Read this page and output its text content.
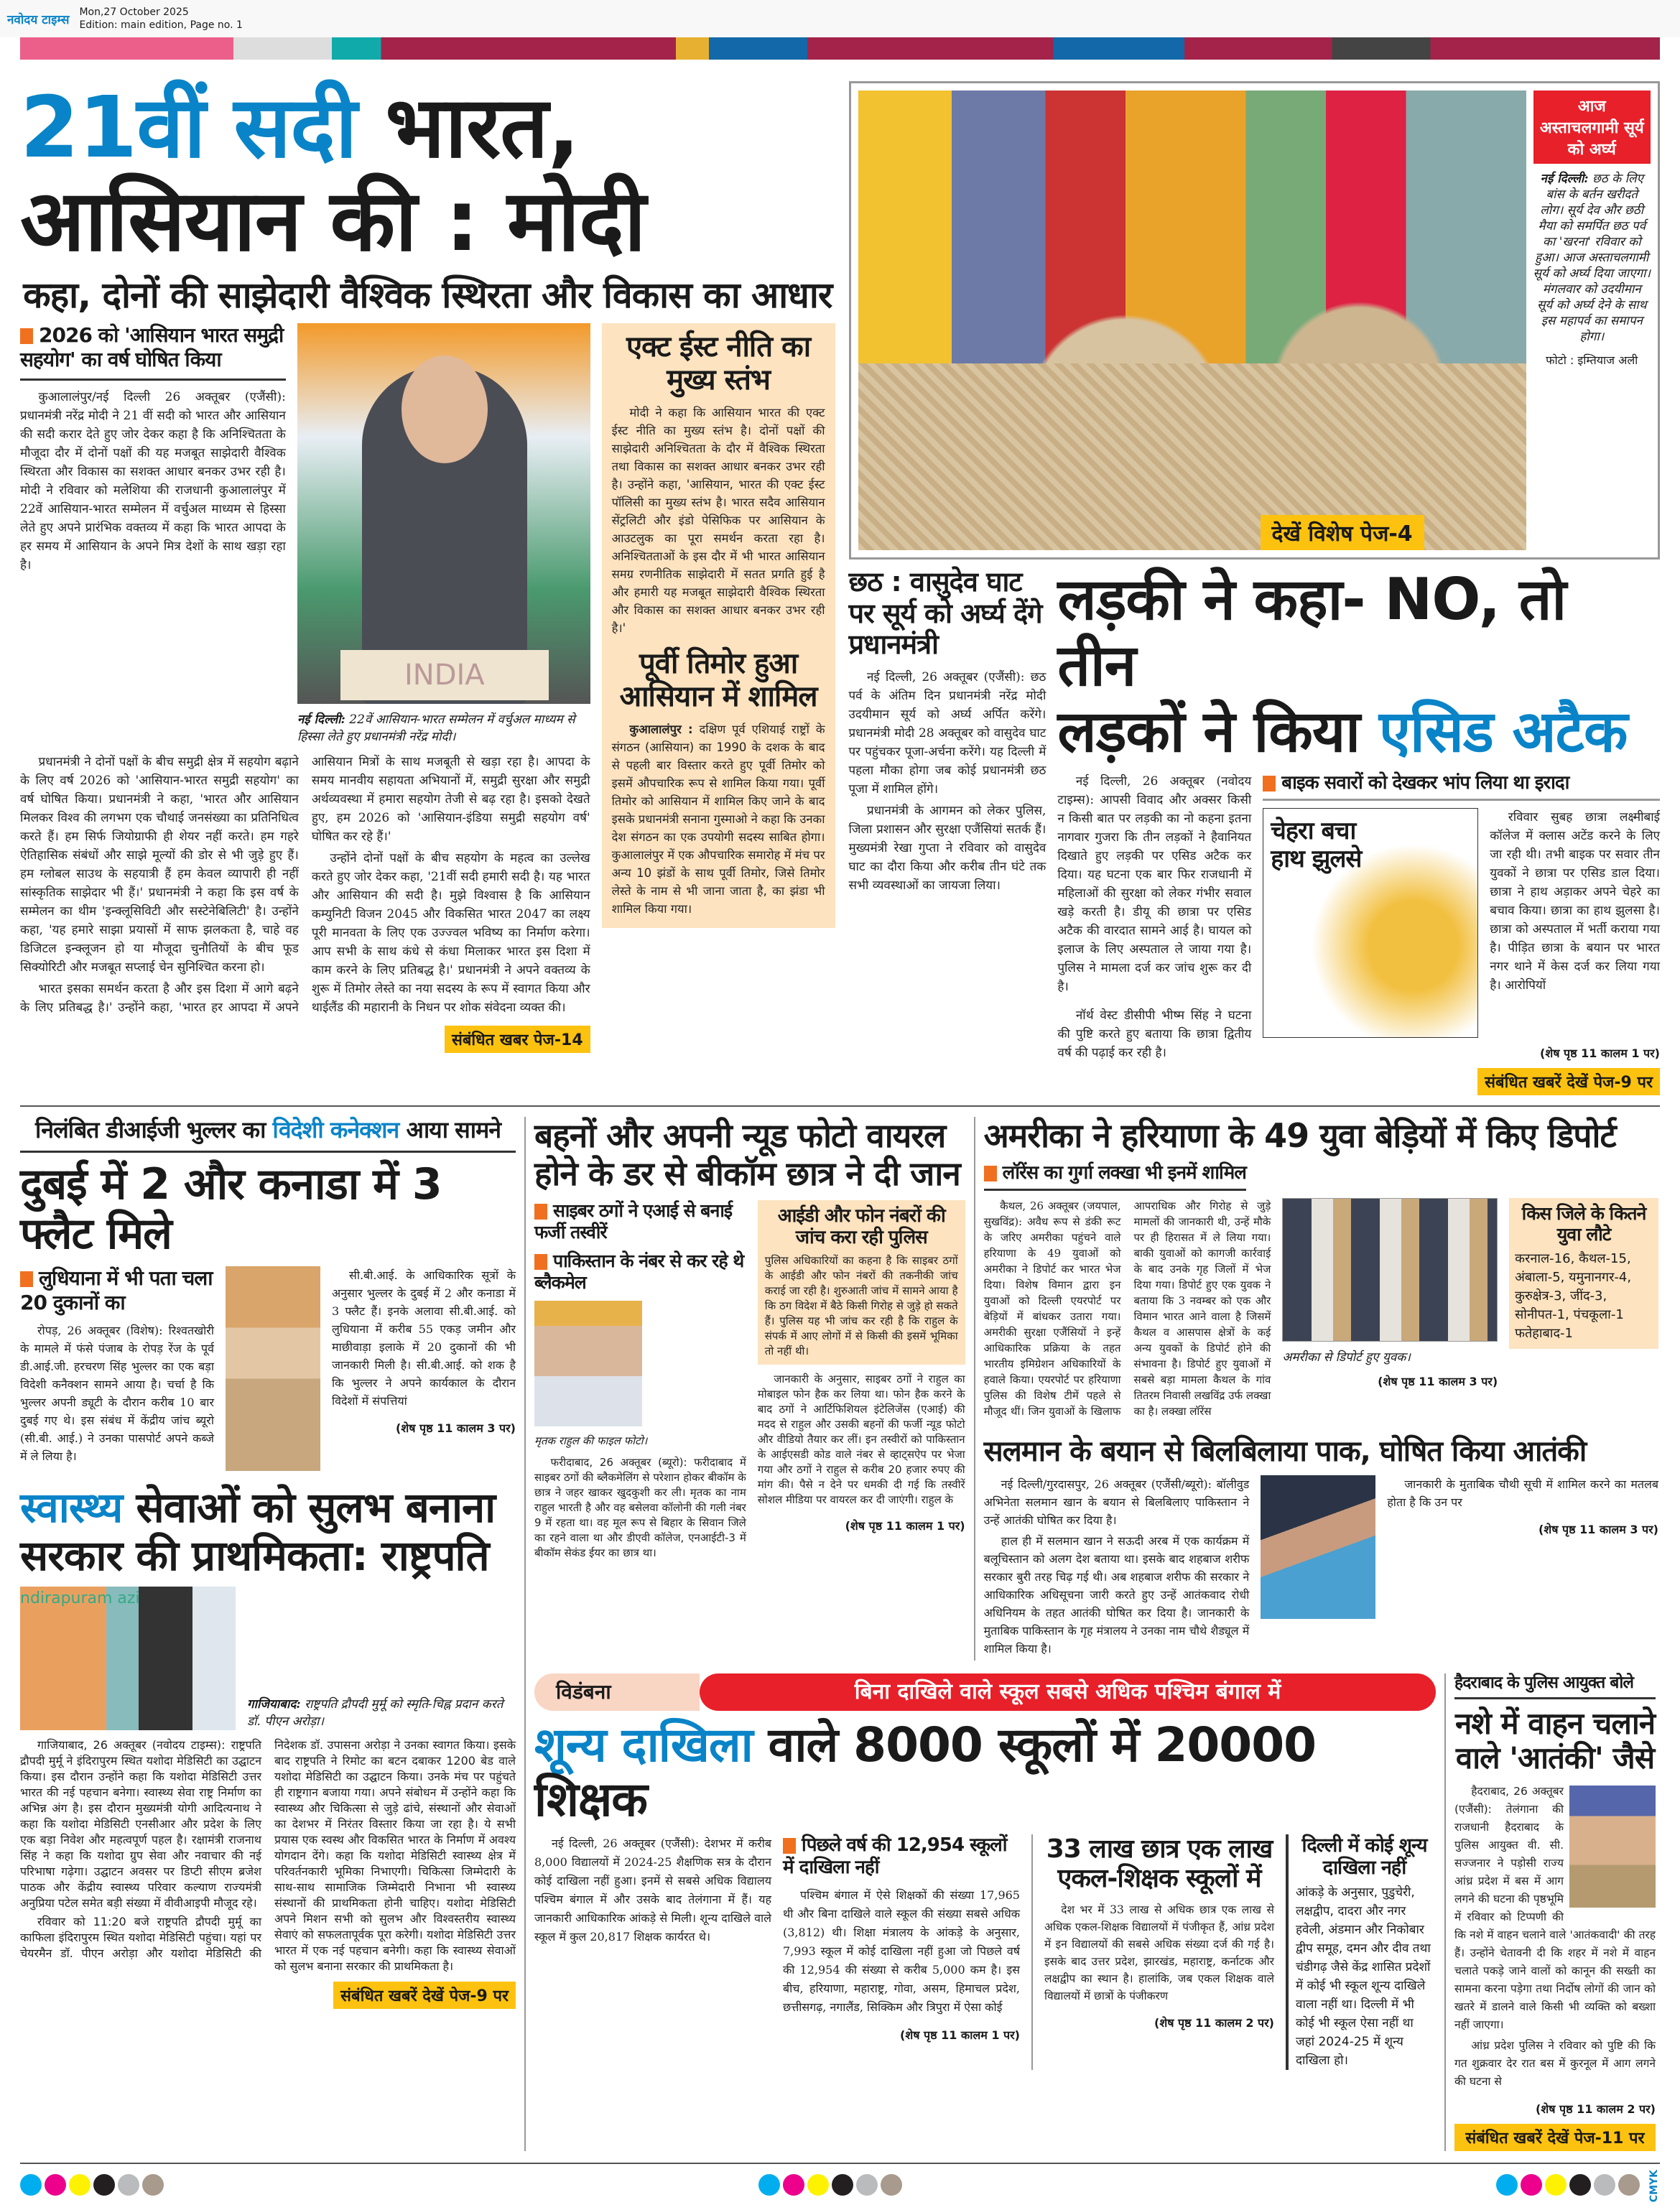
नवोदय टाइम्स
Mon,27 October 2025
Edition: main edition, Page no. 1
21वीं सदी भारत, आसियान की : मोदी
कहा, दोनों की साझेदारी वैश्विक स्थिरता और विकास का आधार
2026 को 'आसियान भारत समुद्री सहयोग' का वर्ष घोषित किया

कुआलालंपुर/नई दिल्ली 26 अक्तूबर (एजैंसी): प्रधानमंत्री नरेंद्र मोदी ने 21 वीं सदी को भारत और आसियान की सदी करार देते हुए जोर देकर कहा है कि अनिश्चितता के मौजूदा दौर में दोनों पक्षों की यह मजबूत साझेदारी वैश्विक स्थिरता और विकास का सशक्त आधार बनकर उभर रही है। मोदी ने रविवार को मलेशिया की राजधानी कुआलालंपुर में 22वें आसियान-भारत सम्मेलन में वर्चुअल माध्यम से हिस्सा लेते हुए अपने प्रारंभिक वक्तव्य में कहा कि भारत आपदा के हर समय में आसियान के अपने मित्र देशों के साथ खड़ा रहा है।

INDIA
नई दिल्ली: 22वें आसियान-भारत सम्मेलन में वर्चुअल माध्यम से हिस्सा लेते हुए प्रधानमंत्री नरेंद्र मोदी।

प्रधानमंत्री ने दोनों पक्षों के बीच समुद्री क्षेत्र में सहयोग बढ़ाने के लिए वर्ष 2026 को 'आसियान-भारत समुद्री सहयोग' का वर्ष घोषित किया। प्रधानमंत्री ने कहा, 'भारत और आसियान मिलकर विश्व की लगभग एक चौथाई जनसंख्या का प्रतिनिधित्व करते हैं। हम सिर्फ जियोग्राफी ही शेयर नहीं करते। हम गहरे ऐतिहासिक संबंधों और साझे मूल्यों की डोर से भी जुड़े हुए हैं। हम ग्लोबल साउथ के सहयात्री हैं हम केवल व्यापारी ही नहीं सांस्कृतिक साझेदार भी हैं।' प्रधानमंत्री ने कहा कि इस वर्ष के सम्मेलन का थीम 'इन्क्लूसिविटी और सस्टेनेबिलिटी' है। उन्होंने कहा, 'यह हमारे साझा प्रयासों में साफ झलकता है, चाहे वह डिजिटल इन्क्लूजन हो या मौजूदा चुनौतियों के बीच फूड सिक्योरिटी और मजबूत सप्लाई चेन सुनिश्चित करना हो।

भारत इसका समर्थन करता है और इस दिशा में आगे बढ़ने के लिए प्रतिबद्ध है।' उन्होंने कहा, 'भारत हर आपदा में अपने आसियान मित्रों के साथ मजबूती से खड़ा रहा है। आपदा के समय मानवीय सहायता अभियानों में, समुद्री सुरक्षा और समुद्री अर्थव्यवस्था में हमारा सहयोग तेजी से बढ़ रहा है। इसको देखते हुए, हम 2026 को 'आसियान-इंडिया समुद्री सहयोग वर्ष' घोषित कर रहे हैं।'

उन्होंने दोनों पक्षों के बीच सहयोग के महत्व का उल्लेख करते हुए जोर देकर कहा, '21वीं सदी हमारी सदी है। यह भारत और आसियान की सदी है। मुझे विश्वास है कि आसियान कम्युनिटी विजन 2045 और विकसित भारत 2047 का लक्ष्य पूरी मानवता के लिए एक उज्ज्वल भविष्य का निर्माण करेगा। आप सभी के साथ कंधे से कंधा मिलाकर भारत इस दिशा में काम करने के लिए प्रतिबद्ध है।' प्रधानमंत्री ने अपने वक्तव्य के शुरू में तिमोर लेस्ते का नया सदस्य के रूप में स्वागत किया और थाईलैंड की महारानी के निधन पर शोक संवेदना व्यक्त की।

संबंधित खबर पेज-14
एक्ट ईस्ट नीति का मुख्य स्तंभ

मोदी ने कहा कि आसियान भारत की एक्ट ईस्ट नीति का मुख्य स्तंभ है। दोनों पक्षों की साझेदारी अनिश्चितता के दौर में वैश्विक स्थिरता तथा विकास का सशक्त आधार बनकर उभर रही है। उन्होंने कहा, 'आसियान, भारत की एक्ट ईस्ट पॉलिसी का मुख्य स्तंभ है। भारत सदैव आसियान सेंट्रलिटी और इंडो पेसिफिक पर आसियान के आउटलुक का पूरा समर्थन करता रहा है। अनिश्चितताओं के इस दौर में भी भारत आसियान समग्र रणनीतिक साझेदारी में सतत प्रगति हुई है और हमारी यह मजबूत साझेदारी वैश्विक स्थिरता और विकास का सशक्त आधार बनकर उभर रही है।'

पूर्वी तिमोर हुआ आसियान में शामिल

कुआलालंपुर : दक्षिण पूर्व एशियाई राष्ट्रों के संगठन (आसियान) का 1990 के दशक के बाद से पहली बार विस्तार करते हुए पूर्वी तिमोर को इसमें औपचारिक रूप से शामिल किया गया। पूर्वी तिमोर को आसियान में शामिल किए जाने के बाद इसके प्रधानमंत्री सनाना गुस्माओ ने कहा कि उनका देश संगठन का एक उपयोगी सदस्य साबित होगा। कुआलालंपुर में एक औपचारिक समारोह में मंच पर अन्य 10 झंडों के साथ पूर्वी तिमोर, जिसे तिमोर लेस्ते के नाम से भी जाना जाता है, का झंडा भी शामिल किया गया।

देखें विशेष पेज-4
आज अस्ताचलगामी सूर्य को अर्घ्य
नई दिल्ली: छठ के लिए बांस के बर्तन खरीदते लोग। सूर्य देव और छठी मैया को समर्पित छठ पर्व का 'खरना' रविवार को हुआ। आज अस्ताचलगामी सूर्य को अर्घ्य दिया जाएगा। मंगलवार को उदयीमान सूर्य को अर्घ्य देने के साथ इस महापर्व का समापन होगा।
फोटो : इम्तियाज अली
छठ : वासुदेव घाट पर सूर्य को अर्घ्य देंगे प्रधानमंत्री

नई दिल्ली, 26 अक्तूबर (एजैंसी): छठ पर्व के अंतिम दिन प्रधानमंत्री नरेंद्र मोदी उदयीमान सूर्य को अर्घ्य अर्पित करेंगे। प्रधानमंत्री मोदी 28 अक्तूबर को वासुदेव घाट पर पहुंचकर पूजा-अर्चना करेंगे। यह दिल्ली में पहला मौका होगा जब कोई प्रधानमंत्री छठ पूजा में शामिल होंगे।

प्रधानमंत्री के आगमन को लेकर पुलिस, जिला प्रशासन और सुरक्षा एजैंसियां सतर्क हैं। मुख्यमंत्री रेखा गुप्ता ने रविवार को वासुदेव घाट का दौरा किया और करीब तीन घंटे तक सभी व्यवस्थाओं का जायजा लिया।

लड़की ने कहा- NO, तो तीन
लड़कों ने किया एसिड अटैक

नई दिल्ली, 26 अक्तूबर (नवोदय टाइम्स): आपसी विवाद और अक्सर किसी न किसी बात पर लड़की का नो कहना इतना नागवार गुजरा कि तीन लड़कों ने हैवानियत दिखाते हुए लड़की पर एसिड अटैक कर दिया। यह घटना एक बार फिर राजधानी में महिलाओं की सुरक्षा को लेकर गंभीर सवाल खड़े करती है। डीयू की छात्रा पर एसिड अटैक की वारदात सामने आई है। घायल को इलाज के लिए अस्पताल ले जाया गया है। पुलिस ने मामला दर्ज कर जांच शुरू कर दी है।

नॉर्थ वेस्ट डीसीपी भीष्म सिंह ने घटना की पुष्टि करते हुए बताया कि छात्रा द्वितीय वर्ष की पढ़ाई कर रही है।

बाइक सवारों को देखकर भांप लिया था इरादा
चेहरा बचा हाथ झुलसे

रविवार सुबह छात्रा लक्ष्मीबाई कॉलेज में क्लास अटेंड करने के लिए जा रही थी। तभी बाइक पर सवार तीन युवकों ने छात्रा पर एसिड डाल दिया। छात्रा ने हाथ अड़ाकर अपने चेहरे का बचाव किया। छात्रा का हाथ झुलसा है। छात्रा को अस्पताल में भर्ती कराया गया है। पीड़ित छात्रा के बयान पर भारत नगर थाने में केस दर्ज कर लिया गया है। आरोपियों

(शेष पृष्ठ 11 कालम 1 पर)
संबंधित खबरें देखें पेज-9 पर
निलंबित डीआईजी भुल्लर का विदेशी कनेक्शन आया सामने
दुबई में 2 और कनाडा में 3 फ्लैट मिले
लुधियाना में भी पता चला 20 दुकानों का

रोपड़, 26 अक्तूबर (विशेष): रिश्वतखोरी के मामले में फंसे पंजाब के रोपड़ रेंज के पूर्व डी.आई.जी. हरचरण सिंह भुल्लर का एक बड़ा विदेशी कनैक्शन सामने आया है। चर्चा है कि भुल्लर अपनी ड्यूटी के दौरान करीब 10 बार दुबई गए थे। इस संबंध में केंद्रीय जांच ब्यूरो (सी.बी. आई.) ने उनका पासपोर्ट अपने कब्जे में ले लिया है।

सी.बी.आई. के आधिकारिक सूत्रों के अनुसार भुल्लर के दुबई में 2 और कनाडा में 3 फ्लैट हैं। इनके अलावा सी.बी.आई. को लुधियाना में करीब 55 एकड़ जमीन और माछीवाड़ा इलाके में 20 दुकानों की भी जानकारी मिली है। सी.बी.आई. को शक है कि भुल्लर ने अपने कार्यकाल के दौरान विदेशों में संपत्तियां

(शेष पृष्ठ 11 कालम 3 पर)
स्वास्थ्य सेवाओं को सुलभ बनाना सरकार की प्राथमिकता: राष्ट्रपति
ndirapuram azi
गाजियाबाद: राष्ट्रपति द्रौपदी मुर्मू को स्मृति-चिह्न प्रदान करते डॉ. पीएन अरोड़ा।

गाजियाबाद, 26 अक्तूबर (नवोदय टाइम्स): राष्ट्रपति द्रौपदी मुर्मू ने इंदिरापुरम स्थित यशोदा मेडिसिटी का उद्घाटन किया। इस दौरान उन्होंने कहा कि यशोदा मेडिसिटी उत्तर भारत की नई पहचान बनेगा। स्वास्थ्य सेवा राष्ट्र निर्माण का अभिन्न अंग है। इस दौरान मुख्यमंत्री योगी आदित्यनाथ ने कहा कि यशोदा मेडिसिटी एनसीआर और प्रदेश के लिए एक बड़ा निवेश और महत्वपूर्ण पहल है। रक्षामंत्री राजनाथ सिंह ने कहा कि यशोदा ग्रुप सेवा और नवाचार की नई परिभाषा गढ़ेगा। उद्घाटन अवसर पर डिप्टी सीएम ब्रजेश पाठक और केंद्रीय स्वास्थ्य परिवार कल्याण राज्यमंत्री अनुप्रिया पटेल समेत बड़ी संख्या में वीवीआइपी मौजूद रहे।

रविवार को 11:20 बजे राष्ट्रपति द्रौपदी मुर्मू का काफिला इंदिरापुरम स्थित यशोदा मेडिसिटी पहुंचा। यहां पर चेयरमैन डॉ. पीएन अरोड़ा और यशोदा मेडिसिटी की निदेशक डॉ. उपासना अरोड़ा ने उनका स्वागत किया। इसके बाद राष्ट्रपति ने रिमोट का बटन दबाकर 1200 बेड वाले यशोदा मेडिसिटी का उद्घाटन किया। उनके मंच पर पहुंचते ही राष्ट्रगान बजाया गया। अपने संबोधन में उन्होंने कहा कि स्वास्थ्य और चिकित्सा से जुड़े ढांचे, संस्थानों और सेवाओं का देशभर में निरंतर विस्तार किया जा रहा है। ये सभी प्रयास एक स्वस्थ और विकसित भारत के निर्माण में अवश्य योगदान देंगे। कहा कि यशोदा मेडिसिटी स्वास्थ्य क्षेत्र में परिवर्तनकारी भूमिका निभाएगी। चिकित्सा जिम्मेदारी के साथ-साथ सामाजिक जिम्मेदारी निभाना भी स्वास्थ्य संस्थानों की प्राथमिकता होनी चाहिए। यशोदा मेडिसिटी अपने मिशन सभी को सुलभ और विश्वस्तरीय स्वास्थ्य सेवाएं को सफलतापूर्वक पूरा करेगी। यशोदा मेडिसिटी उत्तर भारत में एक नई पहचान बनेगी। कहा कि स्वास्थ्य सेवाओं को सुलभ बनाना सरकार की प्राथमिकता है।

संबंधित खबरें देखें पेज-9 पर
बहनों और अपनी न्यूड फोटो वायरल होने के डर से बीकॉम छात्र ने दी जान
साइबर ठगों ने एआई से बनाई फर्जी तस्वीरें
पाकिस्तान के नंबर से कर रहे थे ब्लैकमेल
मृतक राहुल की फाइल फोटो।

फरीदाबाद, 26 अक्तूबर (ब्यूरो): फरीदाबाद में साइबर ठगों की ब्लैकमेलिंग से परेशान होकर बीकॉम के छात्र ने जहर खाकर खुदकुशी कर ली। मृतक का नाम राहुल भारती है और वह बसेलवा कॉलोनी की गली नंबर 9 में रहता था। वह मूल रूप से बिहार के सिवान जिले का रहने वाला था और डीएवी कॉलेज, एनआईटी-3 में बीकॉम सेकंड ईयर का छात्र था।

आईडी और फोन नंबरों की जांच करा रही पुलिस
पुलिस अधिकारियों का कहना है कि साइबर ठगों के आईडी और फोन नंबरों की तकनीकी जांच कराई जा रही है। शुरुआती जांच में सामने आया है कि ठग विदेश में बैठे किसी गिरोह से जुड़े हो सकते हैं। पुलिस यह भी जांच कर रही है कि राहुल के संपर्क में आए लोगों में से किसी की इसमें भूमिका तो नहीं थी।

जानकारी के अनुसार, साइबर ठगों ने राहुल का मोबाइल फोन हैक कर लिया था। फोन हैक करने के बाद ठगों ने आर्टिफिशियल इंटेलिजेंस (एआई) की मदद से राहुल और उसकी बहनों की फर्जी न्यूड फोटो और वीडियो तैयार कर लीं। इन तस्वीरों को पाकिस्तान के आईएसडी कोड वाले नंबर से व्हाट्सऐप पर भेजा गया और ठगों ने राहुल से करीब 20 हजार रुपए की मांग की। पैसे न देने पर धमकी दी गई कि तस्वीरें सोशल मीडिया पर वायरल कर दी जाएंगी। राहुल के

(शेष पृष्ठ 11 कालम 1 पर)
अमरीका ने हरियाणा के 49 युवा बेड़ियों में किए डिपोर्ट
लॉरेंस का गुर्गा लक्खा भी इनमें शामिल

कैथल, 26 अक्तूबर (जयपाल, सुखविंद्र): अवैध रूप से डंकी रूट के जरिए अमरीका पहुंचने वाले हरियाणा के 49 युवाओं को अमरीका ने डिपोर्ट कर भारत भेज दिया। विशेष विमान द्वारा इन युवाओं को दिल्ली एयरपोर्ट पर बेड़ियों में बांधकर उतारा गया। अमरीकी सुरक्षा एजैंसियों ने इन्हें आधिकारिक प्रक्रिया के तहत भारतीय इमिग्रेशन अधिकारियों के हवाले किया। एयरपोर्ट पर हरियाणा पुलिस की विशेष टीमें पहले से मौजूद थीं। जिन युवाओं के खिलाफ आपराधिक और गिरोह से जुड़े मामलों की जानकारी थी, उन्हें मौके पर ही हिरासत में ले लिया गया। बाकी युवाओं को कागजी कार्रवाई के बाद उनके गृह जिलों में भेज दिया गया। डिपोर्ट हुए एक युवक ने बताया कि 3 नवम्बर को एक और विमान भारत आने वाला है जिसमें कैथल व आसपास क्षेत्रों के कई अन्य युवकों के डिपोर्ट होने की संभावना है। डिपोर्ट हुए युवाओं में सबसे बड़ा मामला कैथल के गांव तितरम निवासी लखविंद्र उर्फ लक्खा का है। लक्खा लॉरेंस

अमरीका से डिपोर्ट हुए युवक।
(शेष पृष्ठ 11 कालम 3 पर)
किस जिले के कितने युवा लौटे
करनाल-16, कैथल-15, अंबाला-5, यमुनानगर-4, कुरुक्षेत्र-3, जींद-3, सोनीपत-1, पंचकूला-1 फतेहाबाद-1
सलमान के बयान से बिलबिलाया पाक, घोषित किया आतंकी

नई दिल्ली/गुरदासपुर, 26 अक्तूबर (एजैंसी/ब्यूरो): बॉलीवुड अभिनेता सलमान खान के बयान से बिलबिलाए पाकिस्तान ने उन्हें आतंकी घोषित कर दिया है।

हाल ही में सलमान खान ने सऊदी अरब में एक कार्यक्रम में बलूचिस्तान को अलग देश बताया था। इसके बाद शहबाज शरीफ सरकार बुरी तरह चिढ़ गई थी। अब शहबाज शरीफ की सरकार ने आधिकारिक अधिसूचना जारी करते हुए उन्हें आतंकवाद रोधी अधिनियम के तहत आतंकी घोषित कर दिया है। जानकारी के मुताबिक पाकिस्तान के गृह मंत्रालय ने उनका नाम चौथे शैड्यूल में शामिल किया है।

जानकारी के मुताबिक चौथी सूची में शामिल करने का मतलब होता है कि उन पर

(शेष पृष्ठ 11 कालम 3 पर)
विडंबना	बिना दाखिले वाले स्कूल सबसे अधिक पश्चिम बंगाल में
शून्य दाखिला वाले 8000 स्कूलों में 20000 शिक्षक

नई दिल्ली, 26 अक्तूबर (एजैंसी): देशभर में करीब 8,000 विद्यालयों में 2024-25 शैक्षणिक सत्र के दौरान कोई दाखिला नहीं हुआ। इनमें से सबसे अधिक विद्यालय पश्चिम बंगाल में और उसके बाद तेलंगाना में हैं। यह जानकारी आधिकारिक आंकड़े से मिली। शून्य दाखिले वाले स्कूल में कुल 20,817 शिक्षक कार्यरत थे।

पिछले वर्ष की 12,954 स्कूलों में दाखिला नहीं

पश्चिम बंगाल में ऐसे शिक्षकों की संख्या 17,965 थी और बिना दाखिले वाले स्कूल की संख्या सबसे अधिक (3,812) थी। शिक्षा मंत्रालय के आंकड़े के अनुसार, 7,993 स्कूल में कोई दाखिला नहीं हुआ जो पिछले वर्ष की 12,954 की संख्या से करीब 5,000 कम है। इस बीच, हरियाणा, महाराष्ट्र, गोवा, असम, हिमाचल प्रदेश, छत्तीसगढ़, नगालैंड, सिक्किम और त्रिपुरा में ऐसा कोई

(शेष पृष्ठ 11 कालम 1 पर)
33 लाख छात्र एक लाख एकल-शिक्षक स्कूलों में

देश भर में 33 लाख से अधिक छात्र एक लाख से अधिक एकल-शिक्षक विद्यालयों में पंजीकृत हैं, आंध्र प्रदेश में इन विद्यालयों की सबसे अधिक संख्या दर्ज की गई है। इसके बाद उत्तर प्रदेश, झारखंड, महाराष्ट्र, कर्नाटक और लक्षद्वीप का स्थान है। हालांकि, जब एकल शिक्षक वाले विद्यालयों में छात्रों के पंजीकरण

(शेष पृष्ठ 11 कालम 2 पर)
दिल्ली में कोई शून्य दाखिला नहीं
आंकड़े के अनुसार, पुडुचेरी, लक्षद्वीप, दादरा और नगर हवेली, अंडमान और निकोबार द्वीप समूह, दमन और दीव तथा चंडीगढ़ जैसे केंद्र शासित प्रदेशों में कोई भी स्कूल शून्य दाखिले वाला नहीं था। दिल्ली में भी कोई भी स्कूल ऐसा नहीं था जहां 2024-25 में शून्य दाखिला हो।
हैदराबाद के पुलिस आयुक्त बोले
नशे में वाहन चलाने वाले 'आतंकी' जैसे

हैदराबाद, 26 अक्तूबर (एजैंसी): तेलंगाना की राजधानी हैदराबाद के पुलिस आयुक्त वी. सी. सज्जनार ने पड़ोसी राज्य आंध्र प्रदेश में बस में आग लगने की घटना की पृष्ठभूमि में रविवार को टिप्पणी की कि नशे में वाहन चलाने वाले 'आतंकवादी' की तरह हैं। उन्होंने चेतावनी दी कि शहर में नशे में वाहन चलाते पकड़े जाने वालों को कानून की सख्ती का सामना करना पड़ेगा तथा निर्दोष लोगों की जान को खतरे में डालने वाले किसी भी व्यक्ति को बख्शा नहीं जाएगा।

आंध्र प्रदेश पुलिस ने रविवार को पुष्टि की कि गत शुक्रवार देर रात बस में कुरनूल में आग लगने की घटना से

(शेष पृष्ठ 11 कालम 2 पर)
संबंधित खबरें देखें पेज-11 पर
CMYK
